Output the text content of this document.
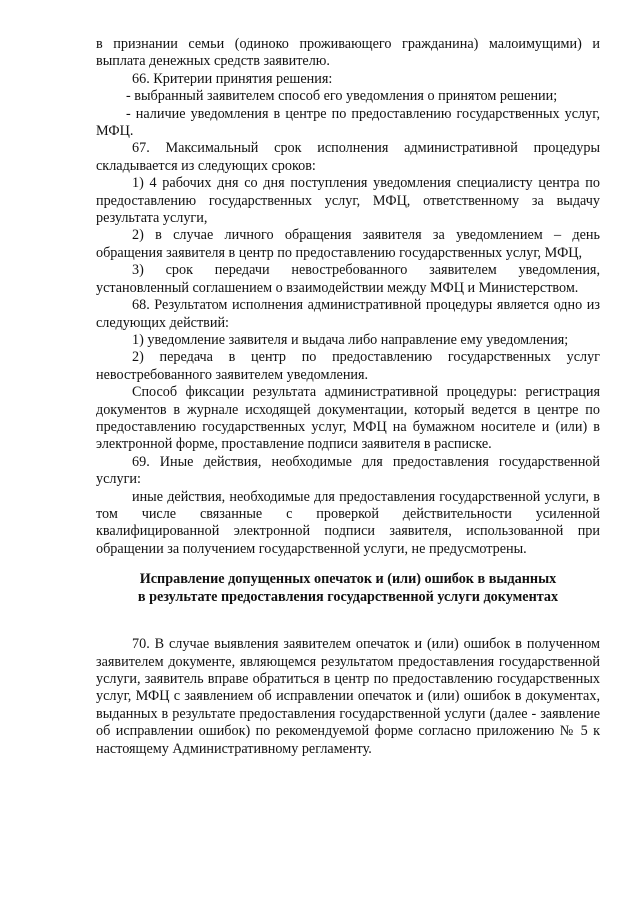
в признании семьи (одиноко проживающего гражданина) малоимущими) и выплата денежных средств заявителю.

66. Критерии принятия решения:

- выбранный заявителем способ его уведомления о принятом решении;

- наличие уведомления в центре по предоставлению государственных услуг, МФЦ.

67. Максимальный срок исполнения административной процедуры складывается из следующих сроков:

1) 4 рабочих дня со дня поступления уведомления специалисту центра по предоставлению государственных услуг, МФЦ, ответственному за выдачу результата услуги,

2) в случае личного обращения заявителя за уведомлением – день обращения заявителя в центр по предоставлению государственных услуг, МФЦ,

3) срок передачи невостребованного заявителем уведомления, установленный соглашением о взаимодействии между МФЦ и Министерством.

68. Результатом исполнения административной процедуры является одно из следующих действий:

1) уведомление заявителя и выдача либо направление ему уведомления;

2) передача в центр по предоставлению государственных услуг невостребованного заявителем уведомления.

Способ фиксации результата административной процедуры: регистрация документов в журнале исходящей документации, который ведется в центре по предоставлению государственных услуг, МФЦ на бумажном носителе и (или) в электронной форме, проставление подписи заявителя в расписке.

69. Иные действия, необходимые для предоставления государственной услуги:

иные действия, необходимые для предоставления государственной услуги, в том числе связанные с проверкой действительности усиленной квалифицированной электронной подписи заявителя, использованной при обращении за получением государственной услуги, не предусмотрены.

Исправление допущенных опечаток и (или) ошибок в выданных
в результате предоставления государственной услуги документах

70. В случае выявления заявителем опечаток и (или) ошибок в полученном заявителем документе, являющемся результатом предоставления государственной услуги, заявитель вправе обратиться в центр по предоставлению государственных услуг, МФЦ с заявлением об исправлении опечаток и (или) ошибок в документах, выданных в результате предоставления государственной услуги (далее - заявление об исправлении ошибок) по рекомендуемой форме согласно приложению № 5 к настоящему Административному регламенту.
